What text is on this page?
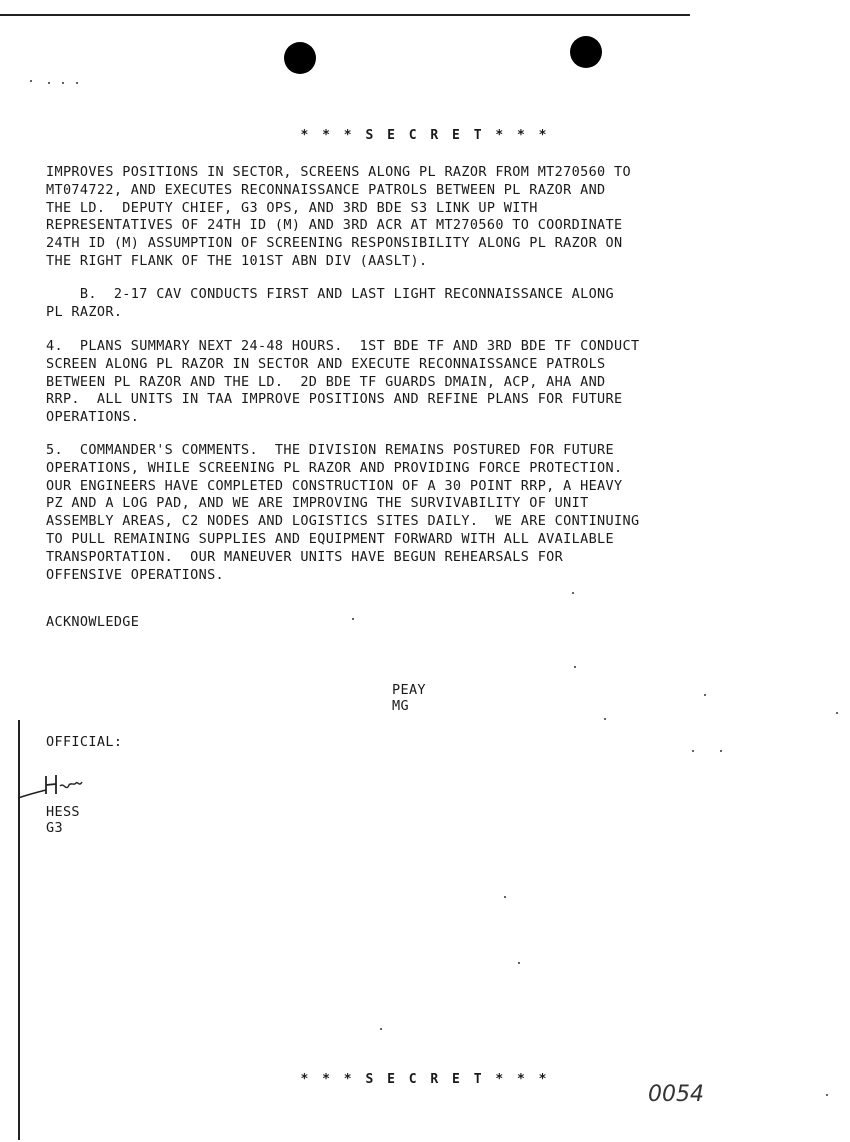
* * * S E C R E T * * *
IMPROVES POSITIONS IN SECTOR, SCREENS ALONG PL RAZOR FROM MT270560 TO
MT074722, AND EXECUTES RECONNAISSANCE PATROLS BETWEEN PL RAZOR AND
THE LD.  DEPUTY CHIEF, G3 OPS, AND 3RD BDE S3 LINK UP WITH
REPRESENTATIVES OF 24TH ID (M) AND 3RD ACR AT MT270560 TO COORDINATE
24TH ID (M) ASSUMPTION OF SCREENING RESPONSIBILITY ALONG PL RAZOR ON
THE RIGHT FLANK OF THE 101ST ABN DIV (AASLT).
B.  2-17 CAV CONDUCTS FIRST AND LAST LIGHT RECONNAISSANCE ALONG
PL RAZOR.
4.  PLANS SUMMARY NEXT 24-48 HOURS.  1ST BDE TF AND 3RD BDE TF CONDUCT
SCREEN ALONG PL RAZOR IN SECTOR AND EXECUTE RECONNAISSANCE PATROLS
BETWEEN PL RAZOR AND THE LD.  2D BDE TF GUARDS DMAIN, ACP, AHA AND
RRP.  ALL UNITS IN TAA IMPROVE POSITIONS AND REFINE PLANS FOR FUTURE
OPERATIONS.
5.  COMMANDER'S COMMENTS.  THE DIVISION REMAINS POSTURED FOR FUTURE
OPERATIONS, WHILE SCREENING PL RAZOR AND PROVIDING FORCE PROTECTION.
OUR ENGINEERS HAVE COMPLETED CONSTRUCTION OF A 30 POINT RRP, A HEAVY
PZ AND A LOG PAD, AND WE ARE IMPROVING THE SURVIVABILITY OF UNIT
ASSEMBLY AREAS, C2 NODES AND LOGISTICS SITES DAILY.  WE ARE CONTINUING
TO PULL REMAINING SUPPLIES AND EQUIPMENT FORWARD WITH ALL AVAILABLE
TRANSPORTATION.  OUR MANEUVER UNITS HAVE BEGUN REHEARSALS FOR
OFFENSIVE OPERATIONS.
ACKNOWLEDGE
PEAY
MG
OFFICIAL:
HESS
G3
* * * S E C R E T * * *
0054
